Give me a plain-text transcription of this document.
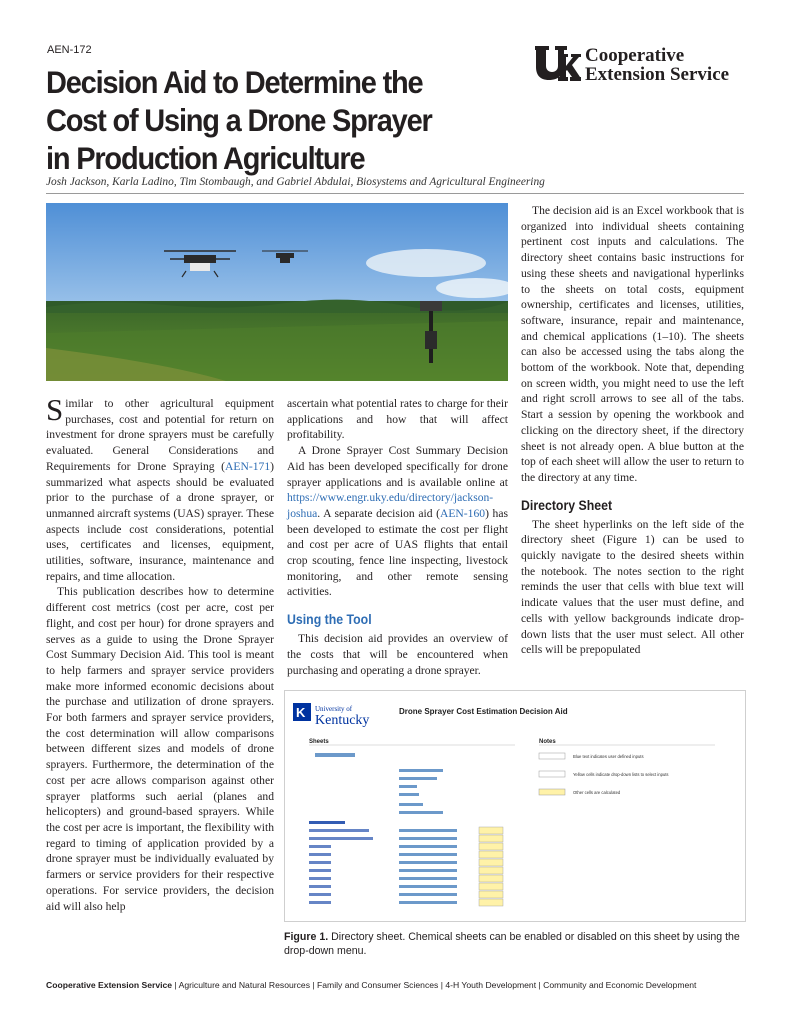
AEN-172	Cooperative
Extension Service
Decision Aid to Determine the
Cost of Using a Drone Sprayer
in Production Agriculture
Josh Jackson, Karla Ladino, Tim Stombaugh, and Gabriel Abdulai, Biosystems and Agricultural Engineering

Similar to other agricultural equipment purchases, cost and potential for return on investment for drone sprayers must be carefully evaluated. General Considerations and Requirements for Drone Spraying (AEN-171) summarized what aspects should be evaluated prior to the purchase of a drone sprayer, or unmanned aircraft systems (UAS) sprayer. These aspects include cost considerations, potential uses, certificates and licenses, equipment, utilities, software, insurance, maintenance and repairs, and time allocation.

This publication describes how to determine different cost metrics (cost per acre, cost per flight, and cost per hour) for drone sprayers and serves as a guide to using the Drone Sprayer Cost Summary Decision Aid. This tool is meant to help farmers and sprayer service providers make more informed economic decisions about the purchase and utilization of drone sprayers. For both farmers and sprayer service providers, the cost determination will allow comparisons between different sizes and models of drone sprayers. Furthermore, the determination of the cost per acre allows comparison against other sprayer platforms such aerial (planes and helicopters) and ground-based sprayers. While the cost per acre is important, the flexibility with regard to timing of application provided by a drone sprayer must be individually evaluated by farmers or service providers for their respective operations. For service providers, the decision aid will also help

ascertain what potential rates to charge for their applications and how that will affect profitability.

A Drone Sprayer Cost Summary Decision Aid has been developed specifically for drone sprayer applications and is available online at https://www.engr.uky.edu/directory/jackson-joshua. A separate decision aid (AEN-160) has been developed to estimate the cost per flight and cost per acre of UAS flights that entail crop scouting, fence line inspecting, livestock monitoring, and other remote sensing activities.

Using the Tool

This decision aid provides an overview of the costs that will be encountered when purchasing and operating a drone sprayer.

The decision aid is an Excel workbook that is organized into individual sheets containing pertinent cost inputs and calculations. The directory sheet contains basic instructions for using these sheets and navigational hyperlinks to the sheets on total costs, equipment ownership, certificates and licenses, utilities, software, insurance, repair and maintenance, and chemical applications (1–10). The sheets can also be accessed using the tabs along the bottom of the workbook. Note that, depending on screen width, you might need to use the left and right scroll arrows to see all of the tabs. Start a session by opening the workbook and clicking on the directory sheet, if the directory sheet is not already open. A blue button at the top of each sheet will allow the user to return to the directory at any time.

Directory Sheet

The sheet hyperlinks on the left side of the directory sheet (Figure 1) can be used to quickly navigate to the desired sheets within the notebook. The notes section to the right reminds the user that cells with blue text will indicate values that the user must define, and cells with yellow backgrounds indicate drop-down lists that the user must select. All other cells will be prepopulated

K University of
Kentucky
Drone Sprayer Cost Estimation Decision Aid
Sheets	Notes
Blue text indicates user defined inputs
Yellow cells indicate drop-down lists to select inputs
Other cells are calculated
Figure 1. Directory sheet. Chemical sheets can be enabled or disabled on this sheet by using the drop-down menu.
Cooperative Extension Service | Agriculture and Natural Resources | Family and Consumer Sciences | 4-H Youth Development | Community and Economic Development
